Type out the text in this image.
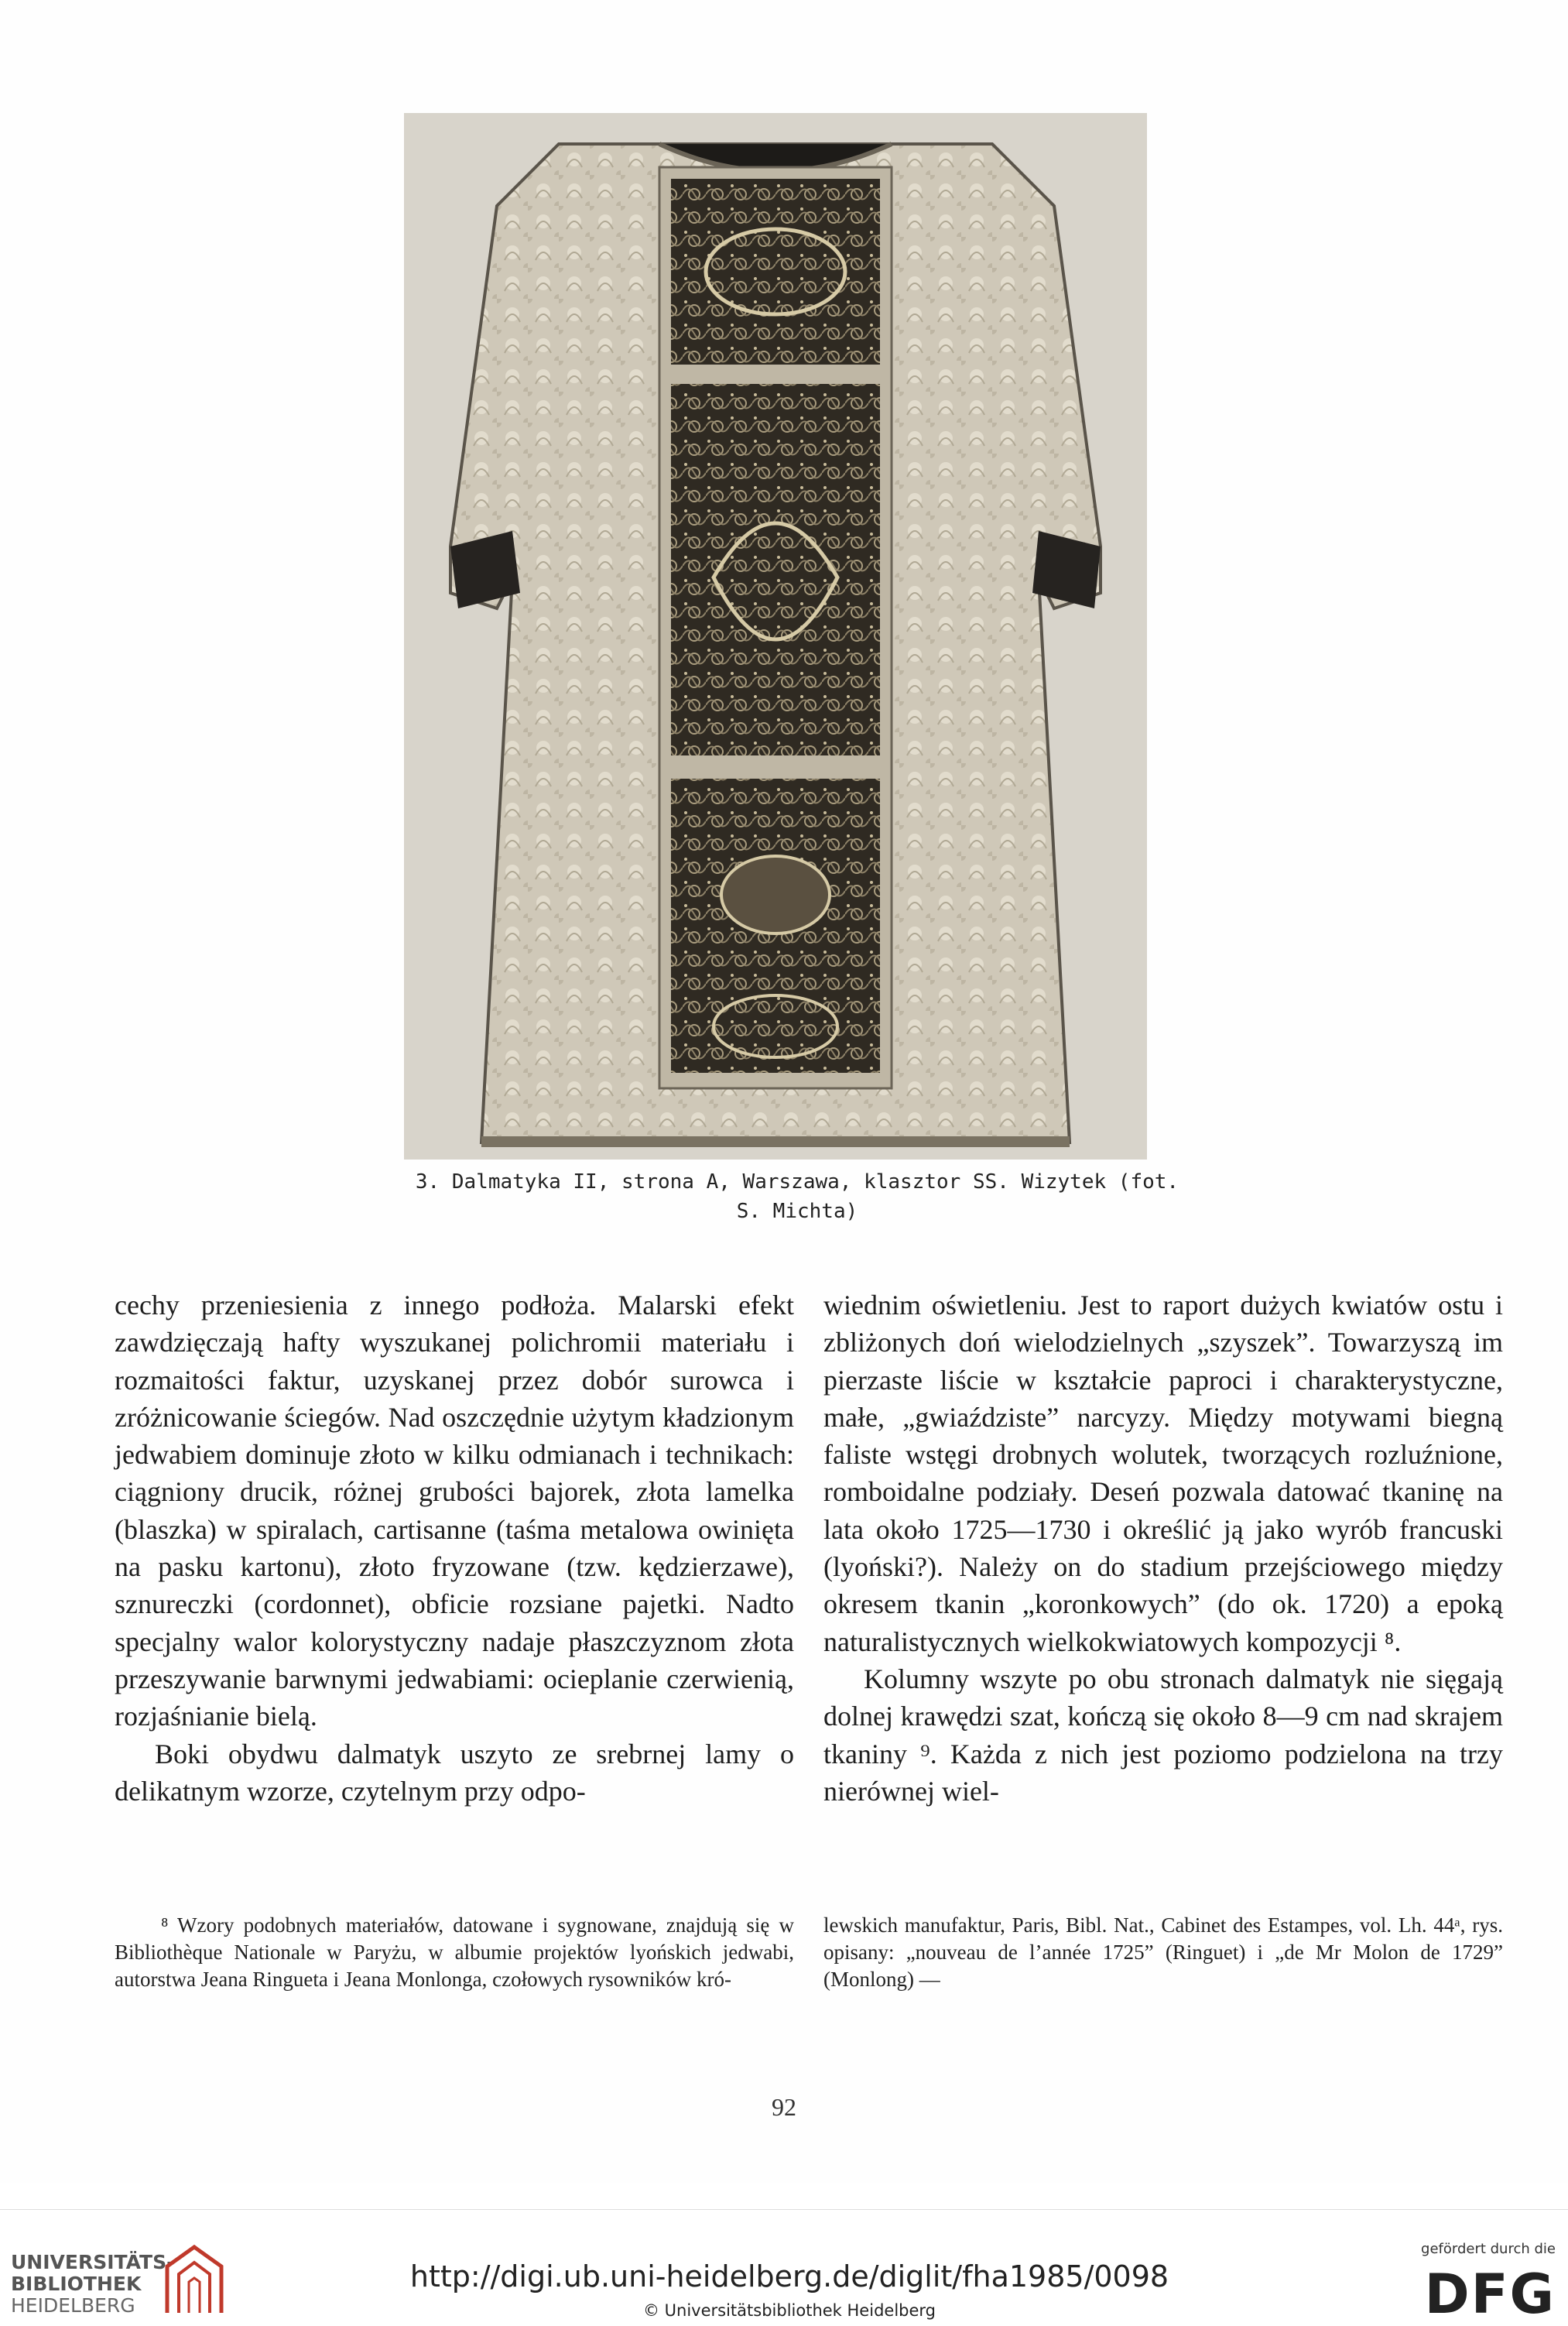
3. Dalmatyka II, strona A, Warszawa, klasztor SS. Wizytek (fot.
S. Michta)

cechy przeniesienia z innego podłoża. Malarski efekt zawdzięczają hafty wyszukanej polichromii materiału i rozmaitości faktur, uzyskanej przez dobór surowca i zróżnicowanie ściegów. Nad oszczędnie użytym kładzionym jedwabiem dominuje złoto w kilku odmianach i technikach: ciągniony drucik, różnej grubości bajorek, złota lamelka (blaszka) w spiralach, cartisanne (taśma metalowa owinięta na pasku kartonu), złoto fryzowane (tzw. kędzierzawe), sznureczki (cordonnet), obficie rozsiane pajetki. Nadto specjalny walor kolorystyczny nadaje płaszczyznom złota przeszywanie barwnymi jedwabiami: ocieplanie czerwienią, rozjaśnianie bielą.

Boki obydwu dalmatyk uszyto ze srebrnej lamy o delikatnym wzorze, czytelnym przy odpo-

wiednim oświetleniu. Jest to raport dużych kwiatów ostu i zbliżonych doń wielodzielnych „szyszek”. Towarzyszą im pierzaste liście w kształcie paproci i charakterystyczne, małe, „gwiaździste” narcyzy. Między motywami biegną faliste wstęgi drobnych wolutek, tworzących rozluźnione, romboidalne podziały. Deseń pozwala datować tkaninę na lata około 1725—1730 i określić ją jako wyrób francuski (lyoński?). Należy on do stadium przejściowego między okresem tkanin „koronkowych” (do ok. 1720) a epoką naturalistycznych wielkokwiatowych kompozycji ⁸.

Kolumny wszyte po obu stronach dalmatyk nie sięgają dolnej krawędzi szat, kończą się około 8—9 cm nad skrajem tkaniny ⁹. Każda z nich jest poziomo podzielona na trzy nierównej wiel-

⁸ Wzory podobnych materiałów, datowane i sygnowane, znajdują się w Bibliothèque Nationale w Paryżu, w albumie projektów lyońskich jedwabi, autorstwa Jeana Ringueta i Jeana Monlonga, czołowych rysowników kró-
lewskich manufaktur, Paris, Bibl. Nat., Cabinet des Estampes, vol. Lh. 44ᵃ, rys. opisany: „nouveau de l’année 1725” (Ringuet) i „de Mr Molon de 1729” (Monlong) —
92
UNIVERSITÄTS-
BIBLIOTHEK
HEIDELBERG
http://digi.ub.uni-heidelberg.de/diglit/fha1985/0098
© Universitätsbibliothek Heidelberg
gefördert durch die
DFG
